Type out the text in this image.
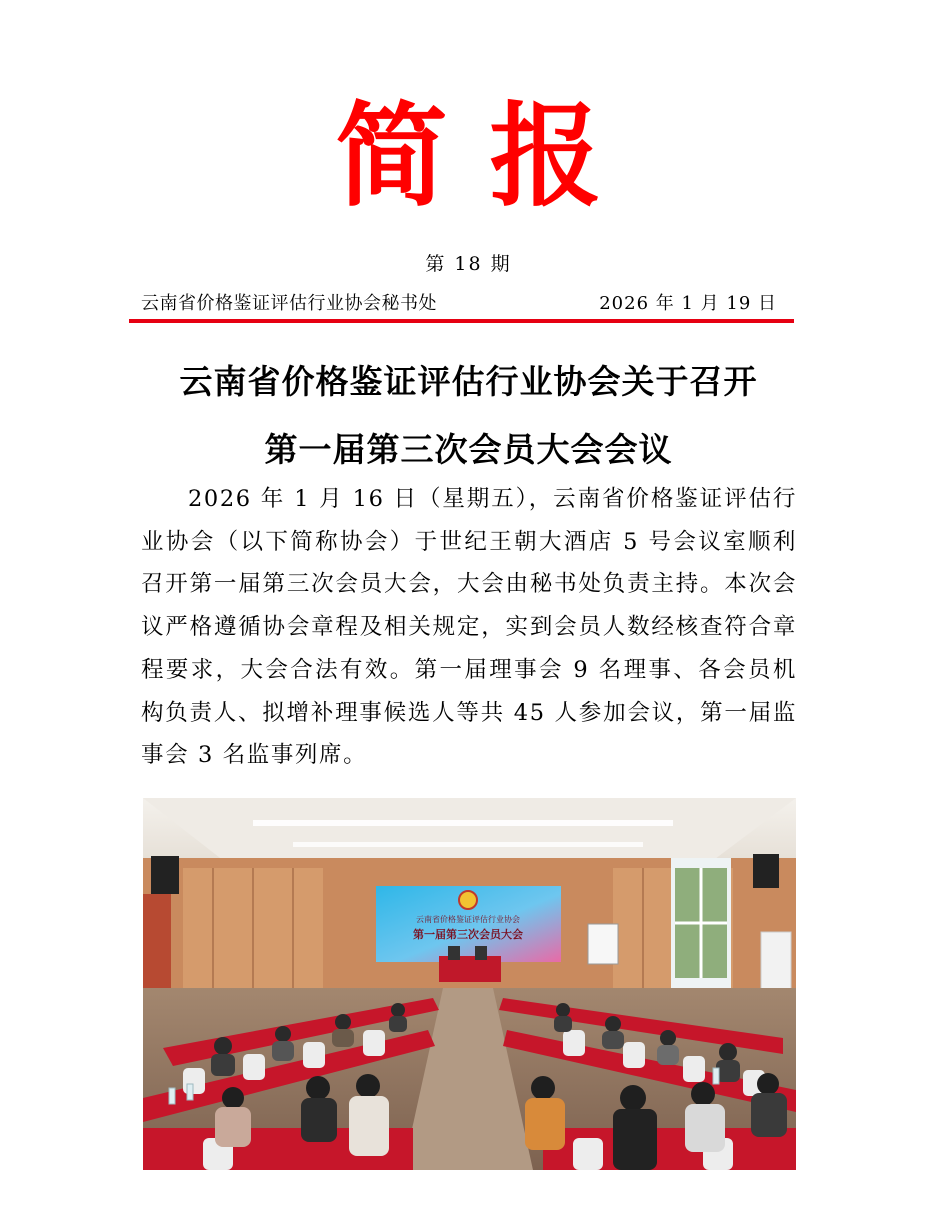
简报
第 18 期
云南省价格鉴证评估行业协会秘书处	2026 年 1 月 19 日
云南省价格鉴证评估行业协会关于召开
第一届第三次会员大会会议

2026 年 1 月 16 日（星期五），云南省价格鉴证评估行业协会（以下简称协会）于世纪王朝大酒店 5 号会议室顺利召开第一届第三次会员大会，大会由秘书处负责主持。本次会议严格遵循协会章程及相关规定，实到会员人数经核查符合章程要求，大会合法有效。第一届理事会 9 名理事、各会员机构负责人、拟增补理事候选人等共 45 人参加会议，第一届监事会 3 名监事列席。

云南省价格鉴证评估行业协会
第一届第三次会员大会
